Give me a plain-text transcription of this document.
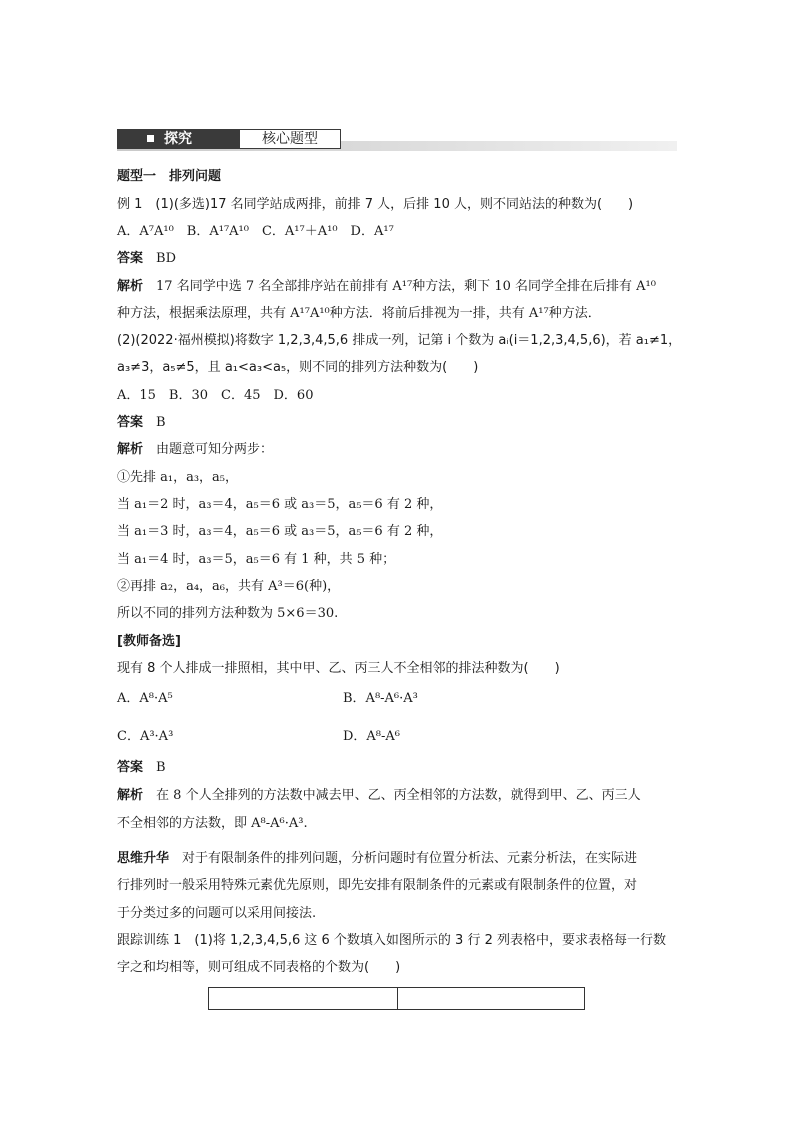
探究	核心题型
题型一　排列问题
例 1　(1)(多选)17 名同学站成两排，前排 7 人，后排 10 人，则不同站法的种数为(　　)
A．A⁷A¹⁰　B．A¹⁷A¹⁰　C．A¹⁷＋A¹⁰　D．A¹⁷
答案　 BD
解析　 17 名同学中选 7 名全部排序站在前排有 A¹⁷种方法，剩下 10 名同学全排在后排有 A¹⁰
种方法，根据乘法原理，共有 A¹⁷A¹⁰种方法．将前后排视为一排，共有 A¹⁷种方法．
(2)(2022·福州模拟)将数字 1,2,3,4,5,6 排成一列，记第 i 个数为 aᵢ(i＝1,2,3,4,5,6)，若 a₁≠1，
a₃≠3，a₅≠5，且 a₁<a₃<a₅，则不同的排列方法种数为(　　)
A．15　B．30　C．45　D．60
答案　 B
解析　 由题意可知分两步：
①先排 a₁，a₃，a₅，
当 a₁＝2 时，a₃＝4，a₅＝6 或 a₃＝5，a₅＝6 有 2 种，
当 a₁＝3 时，a₃＝4，a₅＝6 或 a₃＝5，a₅＝6 有 2 种，
当 a₁＝4 时，a₃＝5，a₅＝6 有 1 种，共 5 种；
②再排 a₂，a₄，a₆，共有 A³＝6(种)，
所以不同的排列方法种数为 5×6＝30.
[教师备选]
现有 8 个人排成一排照相，其中甲、乙、丙三人不全相邻的排法种数为(　　)
A．A⁸·A⁵	B．A⁸-A⁶·A³
C．A³·A³	D．A⁸-A⁶
答案　 B
解析　 在 8 个人全排列的方法数中减去甲、乙、丙全相邻的方法数，就得到甲、乙、丙三人
不全相邻的方法数，即 A⁸-A⁶·A³.
思维升华　 对于有限制条件的排列问题，分析问题时有位置分析法、元素分析法，在实际进
行排列时一般采用特殊元素优先原则，即先安排有限制条件的元素或有限制条件的位置，对
于分类过多的问题可以采用间接法.
跟踪训练 1　(1)将 1,2,3,4,5,6 这 6 个数填入如图所示的 3 行 2 列表格中，要求表格每一行数
字之和均相等，则可组成不同表格的个数为(　　)
